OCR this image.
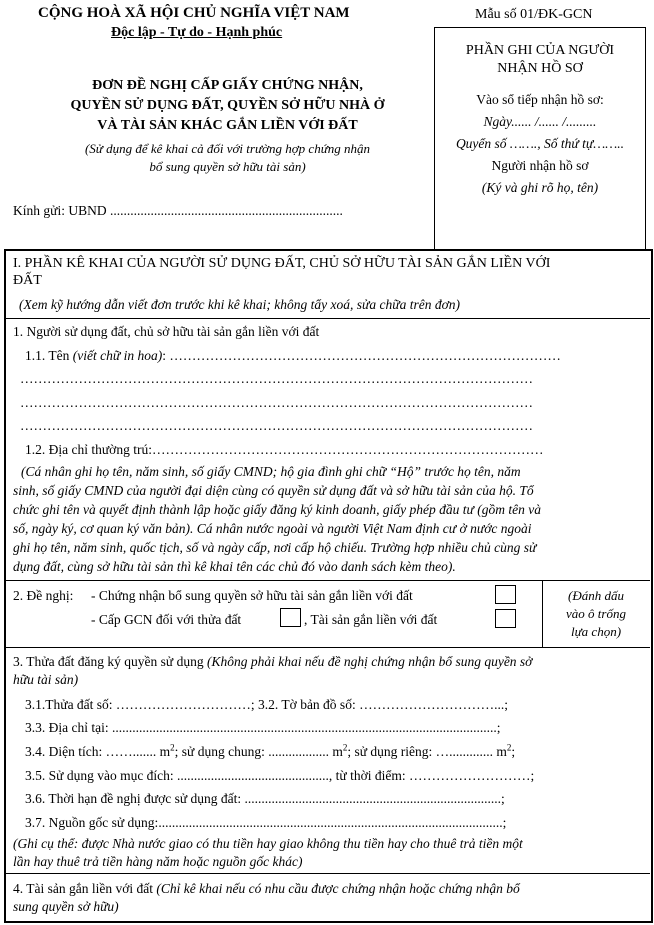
CỘNG HOÀ XÃ HỘI CHỦ NGHĨA VIỆT NAM
Độc lập - Tự do - Hạnh phúc
Mẫu số 01/ĐK-GCN
ĐƠN ĐỀ NGHỊ CẤP GIẤY CHỨNG NHẬN,
QUYỀN SỬ DỤNG ĐẤT, QUYỀN SỞ HỮU NHÀ Ở
VÀ TÀI SẢN KHÁC GẮN LIỀN VỚI ĐẤT
(Sử dụng để kê khai cả đối với trường hợp chứng nhận
bổ sung quyền sở hữu tài sản)
Kính gửi: UBND .....................................................................
PHẦN GHI CỦA NGƯỜI
NHẬN HỒ SƠ
Vào sổ tiếp nhận hồ sơ:
Ngày...... /...... /.........
Quyển số ……., Số thứ tự……..
Người nhận hồ sơ
(Ký và ghi rõ họ, tên)
I. PHẦN KÊ KHAI CỦA NGƯỜI SỬ DỤNG ĐẤT, CHỦ SỞ HỮU TÀI SẢN GẮN LIỀN VỚI
ĐẤT
(Xem kỹ hướng dẫn viết đơn trước khi kê khai; không tẩy xoá, sửa chữa trên đơn)
1. Người sử dụng đất, chủ sở hữu tài sản gắn liền với đất
1.1. Tên (viết chữ in hoa): ……………………………………………………………………………
……………………………………………………………………………………………………
……………………………………………………………………………………………………
……………………………………………………………………………………………………
1.2. Địa chỉ thường trú:……………………………………………………………………………
(Cá nhân ghi họ tên, năm sinh, số giấy CMND; hộ gia đình ghi chữ “Hộ” trước họ tên, năm
sinh, số giấy CMND của người đại diện cùng có quyền sử dụng đất và sở hữu tài sản của hộ. Tổ
chức ghi tên và quyết định thành lập hoặc giấy đăng ký kinh doanh, giấy phép đầu tư (gồm tên và
số, ngày ký, cơ quan ký văn bản). Cá nhân nước ngoài và người Việt Nam định cư ở nước ngoài
ghi họ tên, năm sinh, quốc tịch, số và ngày cấp, nơi cấp hộ chiếu. Trường hợp nhiều chủ cùng sử
dụng đất, cùng sở hữu tài sản thì kê khai tên các chủ đó vào danh sách kèm theo).
2. Đề nghị: - Chứng nhận bổ sung quyền sở hữu tài sản gắn liền với đất
- Cấp GCN đối với thửa đất	, Tài sản gắn liền với đất
(Đánh dấu
vào ô trống
lựa chọn)
3. Thửa đất đăng ký quyền sử dụng (Không phải khai nếu đề nghị chứng nhận bổ sung quyền sở
hữu tài sản)
3.1.Thửa đất số: …………………………; 3.2. Tờ bản đồ số: …………………………...;
3.3. Địa chỉ tại: ..................................................................................................................;
3.4. Diện tích: ……....... $m^2$; sử dụng chung: .................. $m^2$; sử dụng riêng: …............. $m^2$;
3.5. Sử dụng vào mục đích: ............................................., từ thời điểm: ………………………;
3.6. Thời hạn đề nghị được sử dụng đất: ............................................................................;
3.7. Nguồn gốc sử dụng:......................................................................................................;
(Ghi cụ thể: được Nhà nước giao có thu tiền hay giao không thu tiền hay cho thuê trả tiền một
lần hay thuê trả tiền hàng năm hoặc nguồn gốc khác)
4. Tài sản gắn liền với đất (Chỉ kê khai nếu có nhu cầu được chứng nhận hoặc chứng nhận bổ
sung quyền sở hữu)
